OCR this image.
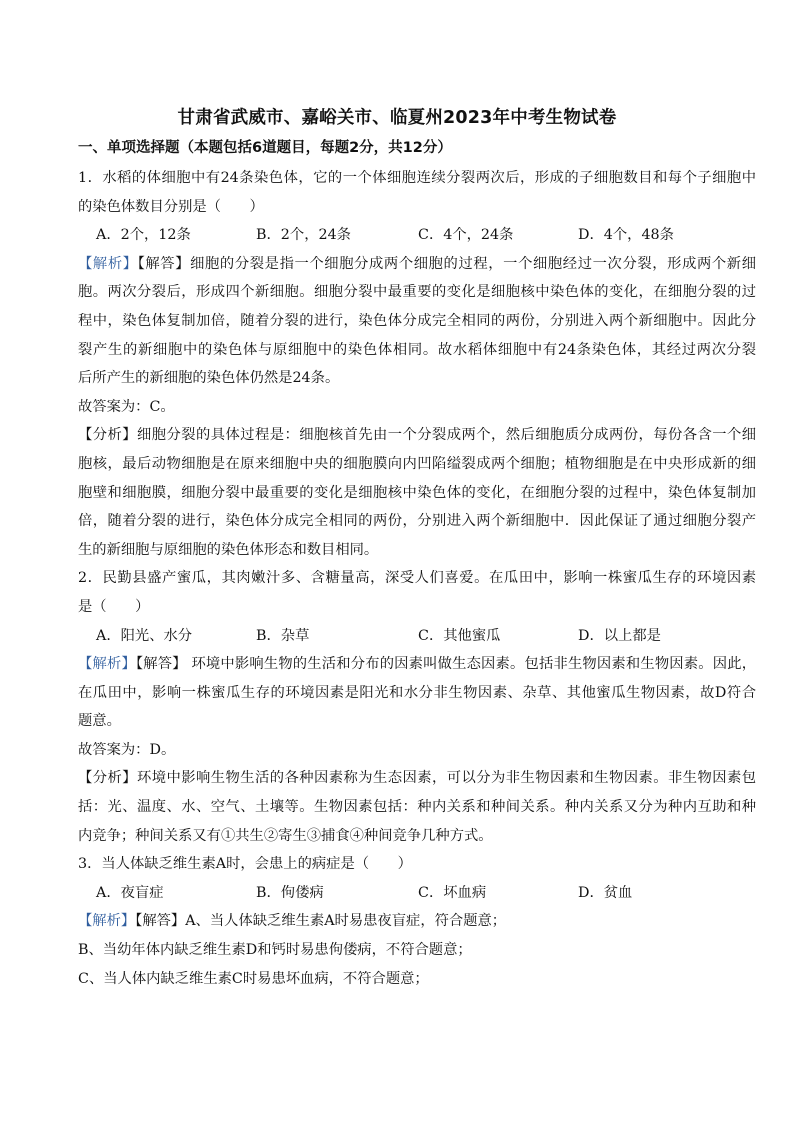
甘肃省武威市、嘉峪关市、临夏州2023年中考生物试卷
一、单项选择题（本题包括6道题目，每题2分，共12分）

1．水稻的体细胞中有24条染色体，它的一个体细胞连续分裂两次后，形成的子细胞数目和每个子细胞中

的染色体数目分别是（　　）

A．2个，12条	B．2个，24条	C．4个，24条	D．4个，48条

【解析】【解答】细胞的分裂是指一个细胞分成两个细胞的过程，一个细胞经过一次分裂，形成两个新细

胞。两次分裂后，形成四个新细胞。细胞分裂中最重要的变化是细胞核中染色体的变化，在细胞分裂的过

程中，染色体复制加倍，随着分裂的进行，染色体分成完全相同的两份，分别进入两个新细胞中。因此分

裂产生的新细胞中的染色体与原细胞中的染色体相同。故水稻体细胞中有24条染色体，其经过两次分裂

后所产生的新细胞的染色体仍然是24条。

故答案为：C。

【分析】细胞分裂的具体过程是：细胞核首先由一个分裂成两个，然后细胞质分成两份，每份各含一个细

胞核，最后动物细胞是在原来细胞中央的细胞膜向内凹陷缢裂成两个细胞；植物细胞是在中央形成新的细

胞壁和细胞膜，细胞分裂中最重要的变化是细胞核中染色体的变化，在细胞分裂的过程中，染色体复制加

倍，随着分裂的进行，染色体分成完全相同的两份，分别进入两个新细胞中．因此保证了通过细胞分裂产

生的新细胞与原细胞的染色体形态和数目相同。

2．民勤县盛产蜜瓜，其肉嫩汁多、含糖量高，深受人们喜爱。在瓜田中，影响一株蜜瓜生存的环境因素

是（　　）

A．阳光、水分	B．杂草	C．其他蜜瓜	D．以上都是

【解析】【解答】 环境中影响生物的生活和分布的因素叫做生态因素。包括非生物因素和生物因素。因此，

在瓜田中，影响一株蜜瓜生存的环境因素是阳光和水分非生物因素、杂草、其他蜜瓜生物因素，故D符合

题意。

故答案为：D。

【分析】环境中影响生物生活的各种因素称为生态因素，可以分为非生物因素和生物因素。非生物因素包

括：光、温度、水、空气、土壤等。生物因素包括：种内关系和种间关系。种内关系又分为种内互助和种

内竞争；种间关系又有①共生②寄生③捕食④种间竞争几种方式。

3．当人体缺乏维生素A时，会患上的病症是（　　）

A．夜盲症	B．佝偻病	C．坏血病	D．贫血

【解析】【解答】A、当人体缺乏维生素A时易患夜盲症，符合题意；

B、当幼年体内缺乏维生素D和钙时易患佝偻病，不符合题意；

C、当人体内缺乏维生素C时易患坏血病，不符合题意；
